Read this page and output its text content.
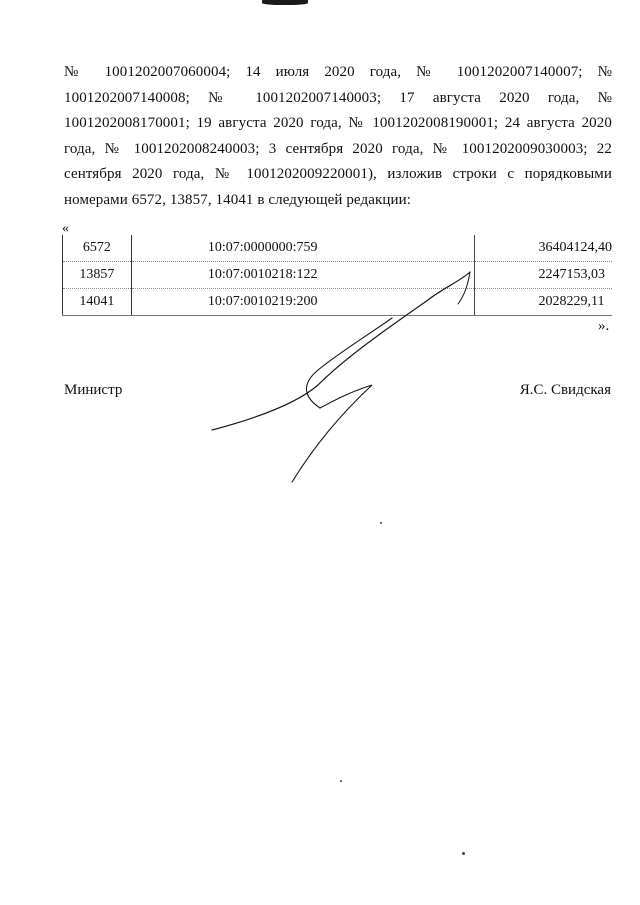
№ 1001202007060004; 14 июля 2020 года, № 1001202007140007; № 1001202007140008; № 1001202007140003; 17 августа 2020 года, № 1001202008170001; 19 августа 2020 года, № 1001202008190001; 24 августа 2020 года, № 1001202008240003; 3 сентября 2020 года, № 1001202009030003; 22 сентября 2020 года, № 1001202009220001), изложив строки с порядковыми номерами 6572, 13857, 14041 в следующей редакции:
«
6572	10:07:0000000:759	36404124,40
13857	10:07:0010218:122	2247153,03
14041	10:07:0010219:200	2028229,11
».
Министр	Я.С. Свидская
